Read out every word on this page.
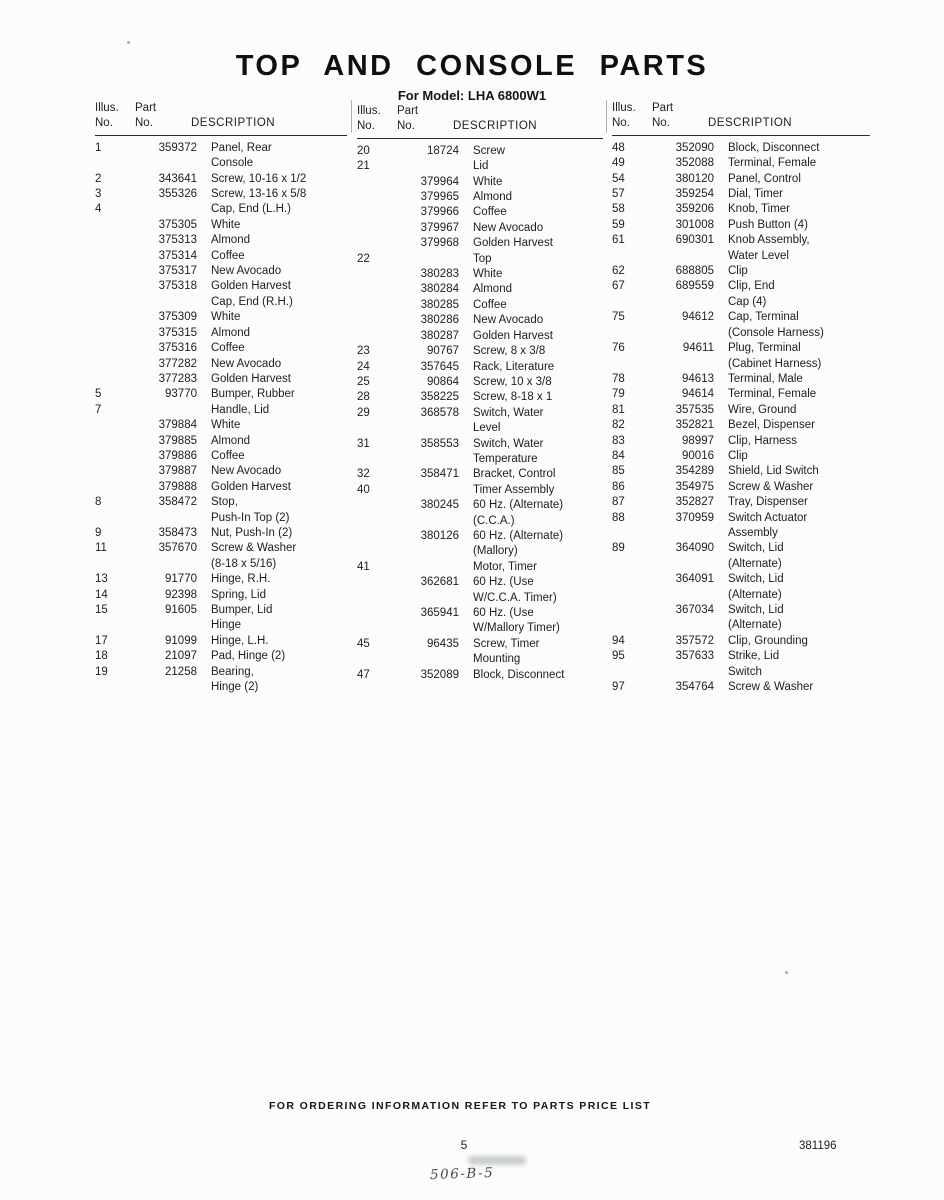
TOP AND CONSOLE PARTS
For Model: LHA 6800W1
Illus. Part
No.	No.	DESCRIPTION
1	359372 Panel, Rear
Console
2	343641 Screw, 10-16 x 1/2
3	355326 Screw, 13-16 x 5/8
4	Cap, End (L.H.)
375305 White
375313 Almond
375314 Coffee
375317 New Avocado
375318 Golden Harvest
Cap, End (R.H.)
375309 White
375315 Almond
375316 Coffee
377282 New Avocado
377283 Golden Harvest
5	93770 Bumper, Rubber
7	Handle, Lid
379884 White
379885 Almond
379886 Coffee
379887 New Avocado
379888 Golden Harvest
8	358472 Stop,
Push-In Top (2)
9	358473 Nut, Push-In (2)
11	357670 Screw & Washer
(8-18 x 5/16)
13	91770 Hinge, R.H.
14	92398 Spring, Lid
15	91605 Bumper, Lid
Hinge
17	91099 Hinge, L.H.
18	21097 Pad, Hinge (2)
19	21258 Bearing,
Hinge (2)
Illus. Part
No.	No.	DESCRIPTION
20	18724 Screw
21	Lid
379964 White
379965 Almond
379966 Coffee
379967 New Avocado
379968 Golden Harvest
22	Top
380283 White
380284 Almond
380285 Coffee
380286 New Avocado
380287 Golden Harvest
23	90767 Screw, 8 x 3/8
24	357645 Rack, Literature
25	90864 Screw, 10 x 3/8
28	358225 Screw, 8-18 x 1
29	368578 Switch, Water
Level
31	358553 Switch, Water
Temperature
32	358471 Bracket, Control
40	Timer Assembly
380245 60 Hz. (Alternate)
(C.C.A.)
380126 60 Hz. (Alternate)
(Mallory)
41	Motor, Timer
362681 60 Hz. (Use
W/C.C.A. Timer)
365941 60 Hz. (Use
W/Mallory Timer)
45	96435 Screw, Timer
Mounting
47	352089 Block, Disconnect
Illus. Part
No.	No.	DESCRIPTION
48	352090 Block, Disconnect
49	352088 Terminal, Female
54	380120 Panel, Control
57	359254 Dial, Timer
58	359206 Knob, Timer
59	301008 Push Button (4)
61	690301 Knob Assembly,
Water Level
62	688805 Clip
67	689559 Clip, End
Cap (4)
75	94612 Cap, Terminal
(Console Harness)
76	94611 Plug, Terminal
(Cabinet Harness)
78	94613 Terminal, Male
79	94614 Terminal, Female
81	357535 Wire, Ground
82	352821 Bezel, Dispenser
83	98997 Clip, Harness
84	90016 Clip
85	354289 Shield, Lid Switch
86	354975 Screw & Washer
87	352827 Tray, Dispenser
88	370959 Switch Actuator
Assembly
89	364090 Switch, Lid
(Alternate)
364091 Switch, Lid
(Alternate)
367034 Switch, Lid
(Alternate)
94	357572 Clip, Grounding
95	357633 Strike, Lid
Switch
97	354764 Screw & Washer
FOR ORDERING INFORMATION REFER TO PARTS PRICE LIST
5	381196
506-B-5
